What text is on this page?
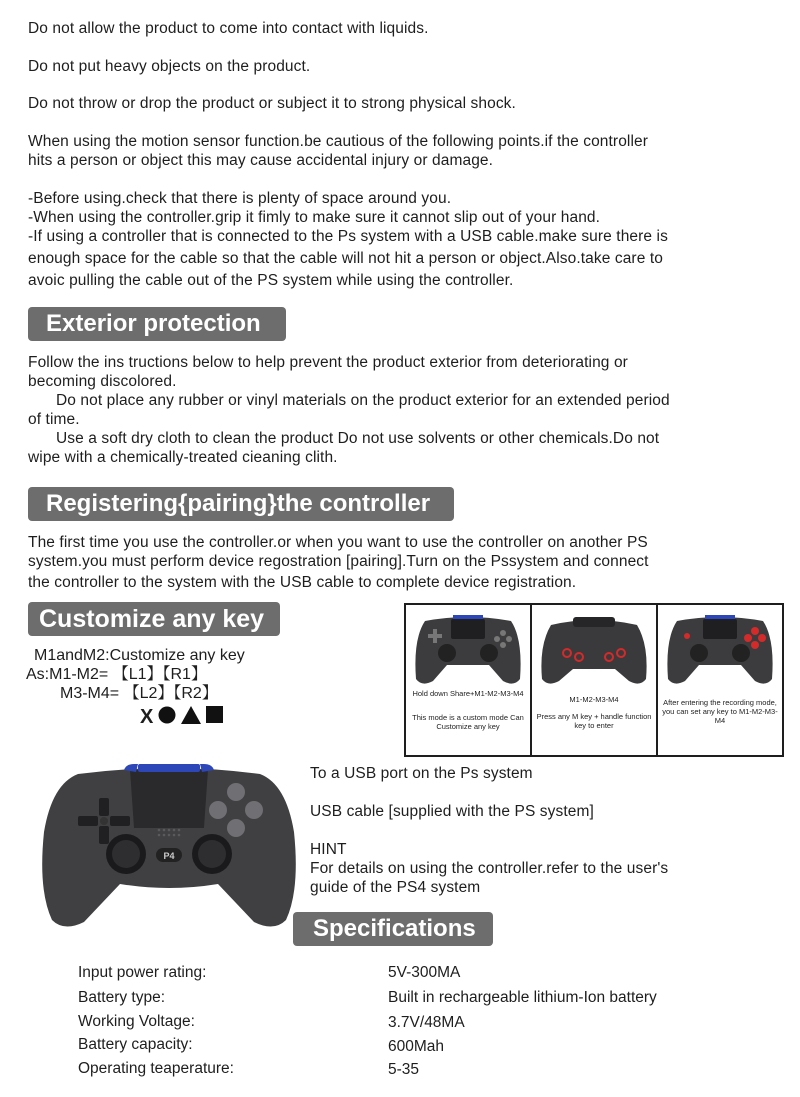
Do not allow the product to come into contact with liquids.
Do not put heavy objects on the product.
Do not throw or drop the product or subject it to strong physical shock.
When using the motion sensor function.be cautious of the following points.if the controller
hits a person or object this may cause accidental injury or damage.
-Before using.check that there is plenty of space around you.
-When using the controller.grip it fimly to make sure it cannot slip out of your hand.
-If using a controller that is connected to the Ps system with a USB cable.make sure there is
enough space for the cable so that the cable will not hit a person or object.Also.take care to
avoic pulling the cable out of the PS system while using the controller.
Exterior protection
Follow the ins tructions below to help prevent the product exterior from deteriorating or
becoming discolored.
Do not place any rubber or vinyl materials on the product exterior for an extended period
of time.
Use a soft dry cloth to clean the product Do not use solvents or other chemicals.Do not
wipe with a chemically-treated cieaning clith.
Registering{pairing}the controller
The first time you use the controller.or when you want to use the controller on another PS
system.you must perform device regostration [pairing].Turn on the Pssystem and connect
the controller to the system with the USB cable to complete device registration.
Customize any key
M1andM2:Customize any key
As:M1-M2= 【L1】【R1】
M3-M4= 【L2】【R2】
X
Hold down Share+M1-M2-M3-M4
This mode is a custom mode Can Customize any key
M1-M2-M3-M4
Press any M key + handle function key to enter
After entering the recording mode, you can set any key to M1-M2-M3-M4
P4
To a USB port on the Ps system
USB cable [supplied with the PS system]
HINT
For details on using the controller.refer to the user's
guide of the PS4 system
Specifications
Input power rating:	5V-300MA
Battery type:	Built in rechargeable lithium-Ion battery
Working Voltage:	3.7V/48MA
Battery capacity:	600Mah
Operating teaperature:	5-35
